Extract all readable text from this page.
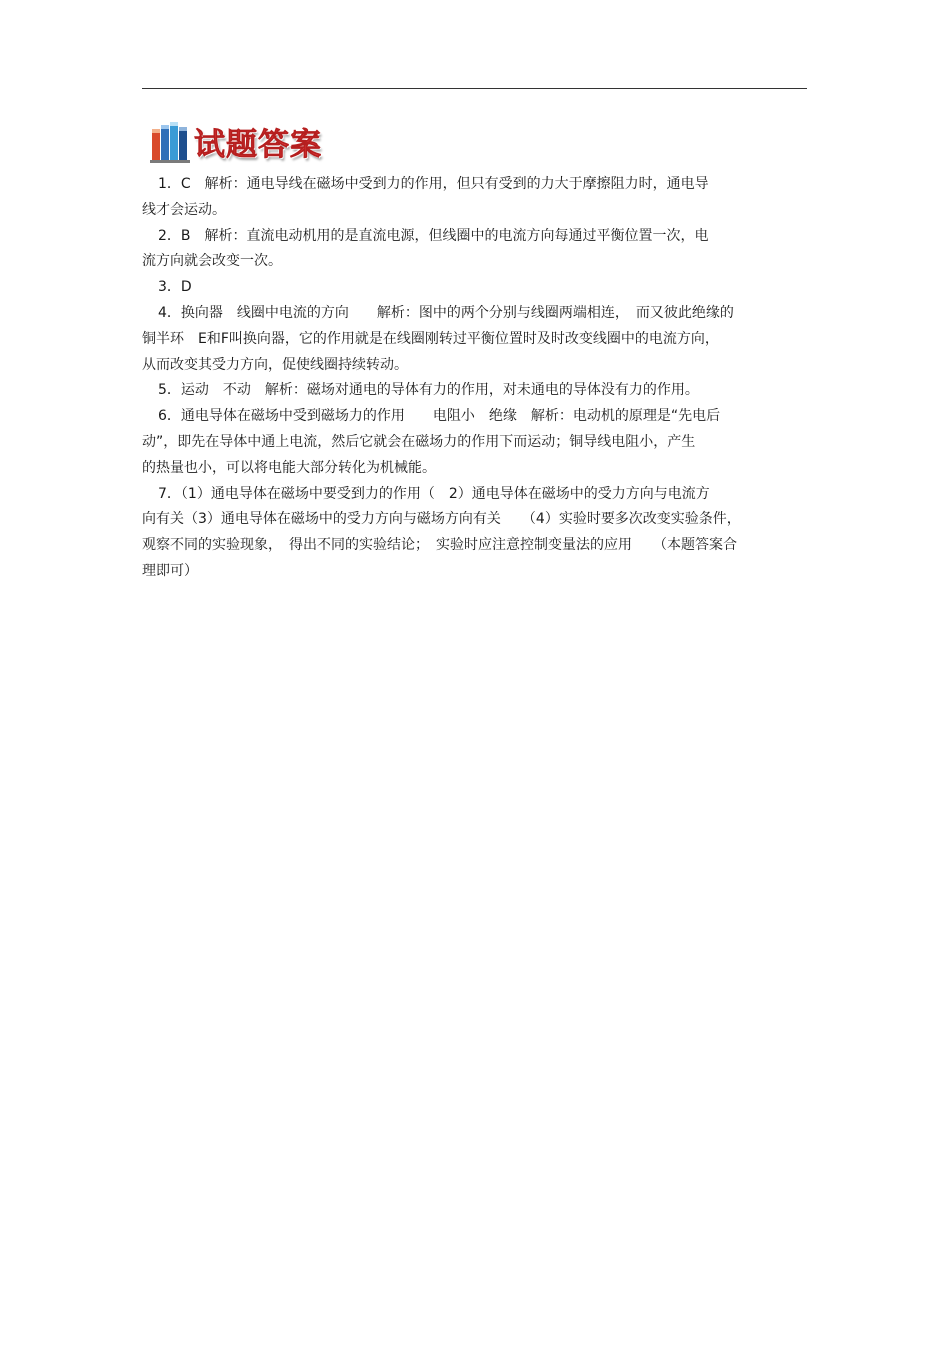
试题答案
1．C　解析：通电导线在磁场中受到力的作用，但只有受到的力大于摩擦阻力时，通电导
线才会运动。
2．B　解析：直流电动机用的是直流电源，但线圈中的电流方向每通过平衡位置一次，电
流方向就会改变一次。
3．D
4．换向器　线圈中电流的方向　　解析：图中的两个分别与线圈两端相连，　而又彼此绝缘的
铜半环　E和F叫换向器，它的作用就是在线圈刚转过平衡位置时及时改变线圈中的电流方向，
从而改变其受力方向，促使线圈持续转动。
5．运动　不动　解析：磁场对通电的导体有力的作用，对未通电的导体没有力的作用。
6．通电导体在磁场中受到磁场力的作用　　电阻小　绝缘　解析：电动机的原理是“先电后
动”，即先在导体中通上电流，然后它就会在磁场力的作用下而运动；铜导线电阻小，产生
的热量也小，可以将电能大部分转化为机械能。
7．（1）通电导体在磁场中要受到力的作用（　2）通电导体在磁场中的受力方向与电流方
向有关（3）通电导体在磁场中的受力方向与磁场方向有关　　（4）实验时要多次改变实验条件，
观察不同的实验现象，　得出不同的实验结论；　实验时应注意控制变量法的应用　　（本题答案合
理即可）
